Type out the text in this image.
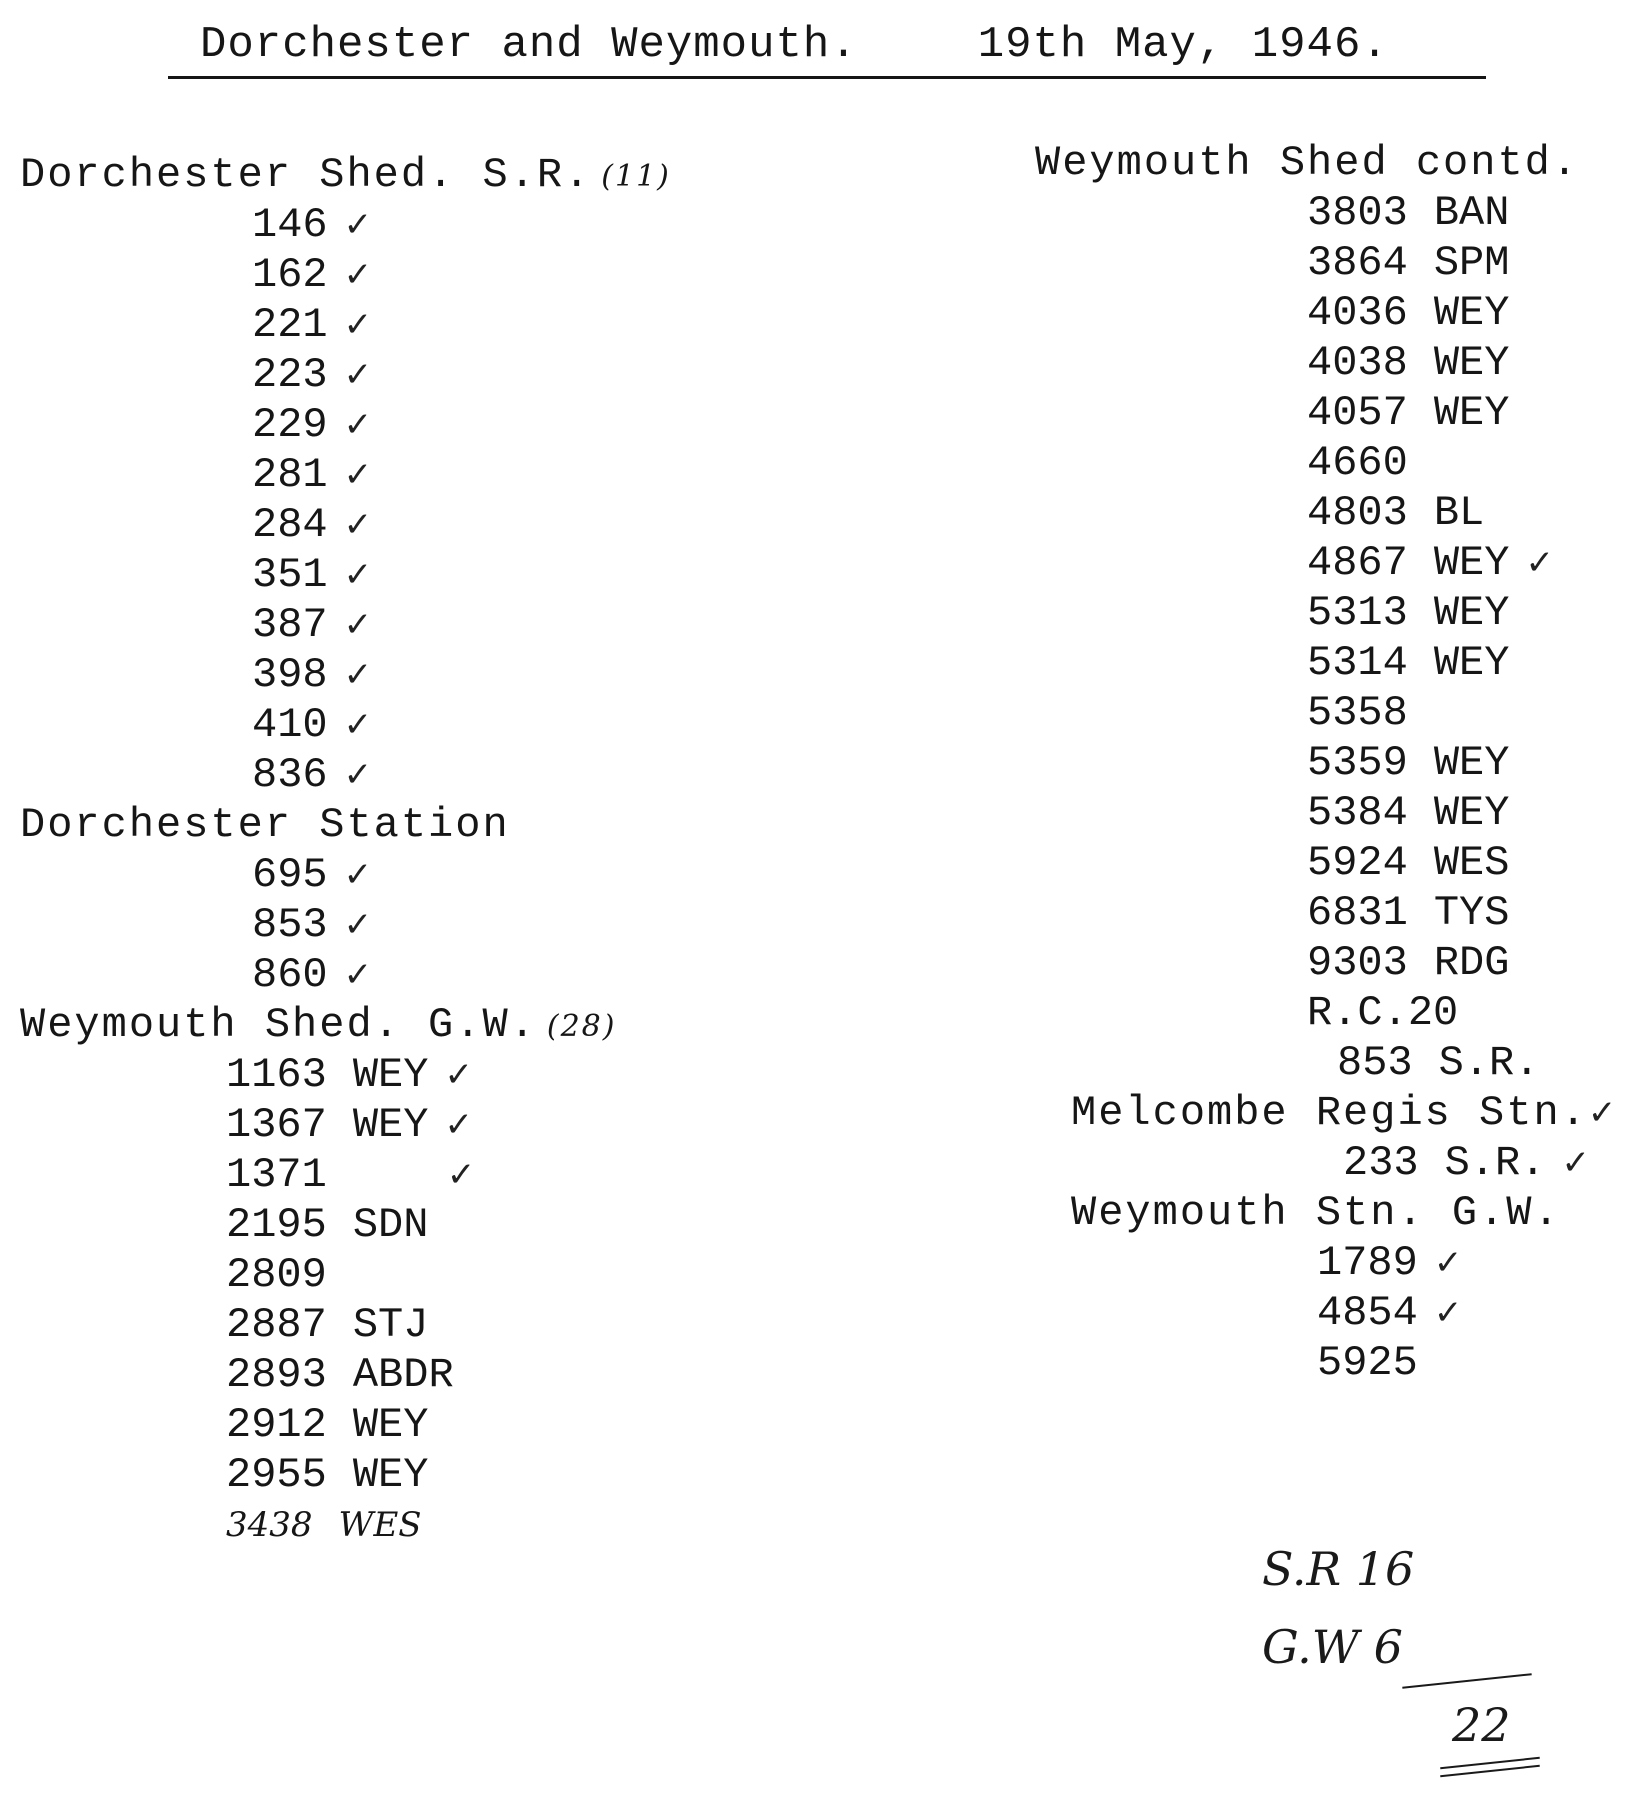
Dorchester and Weymouth.	19th May, 1946.
Dorchester Shed. S.R. (11)
146 ✓
162 ✓
221 ✓
223 ✓
229 ✓
281 ✓
284 ✓
351 ✓
387 ✓
398 ✓
410 ✓
836 ✓
Dorchester Station
695 ✓
853 ✓
860 ✓
Weymouth Shed. G.W. (28)
1163 WEY ✓
1367 WEY ✓
1371	✓
2195 SDN
2809
2887 STJ
2893 ABDR
2912 WEY
2955 WEY
3438 WES
Weymouth Shed contd.
3803 BAN
3864 SPM
4036 WEY
4038 WEY
4057 WEY
4660
4803 BL
4867 WEY ✓
5313 WEY
5314 WEY
5358
5359 WEY
5384 WEY
5924 WES
6831 TYS
9303 RDG
R.C.20
853 S.R.
Melcombe Regis Stn.✓
233 S.R. ✓
Weymouth Stn. G.W.
1789 ✓
4854 ✓
5925
S.R 16
G.W 6
22
